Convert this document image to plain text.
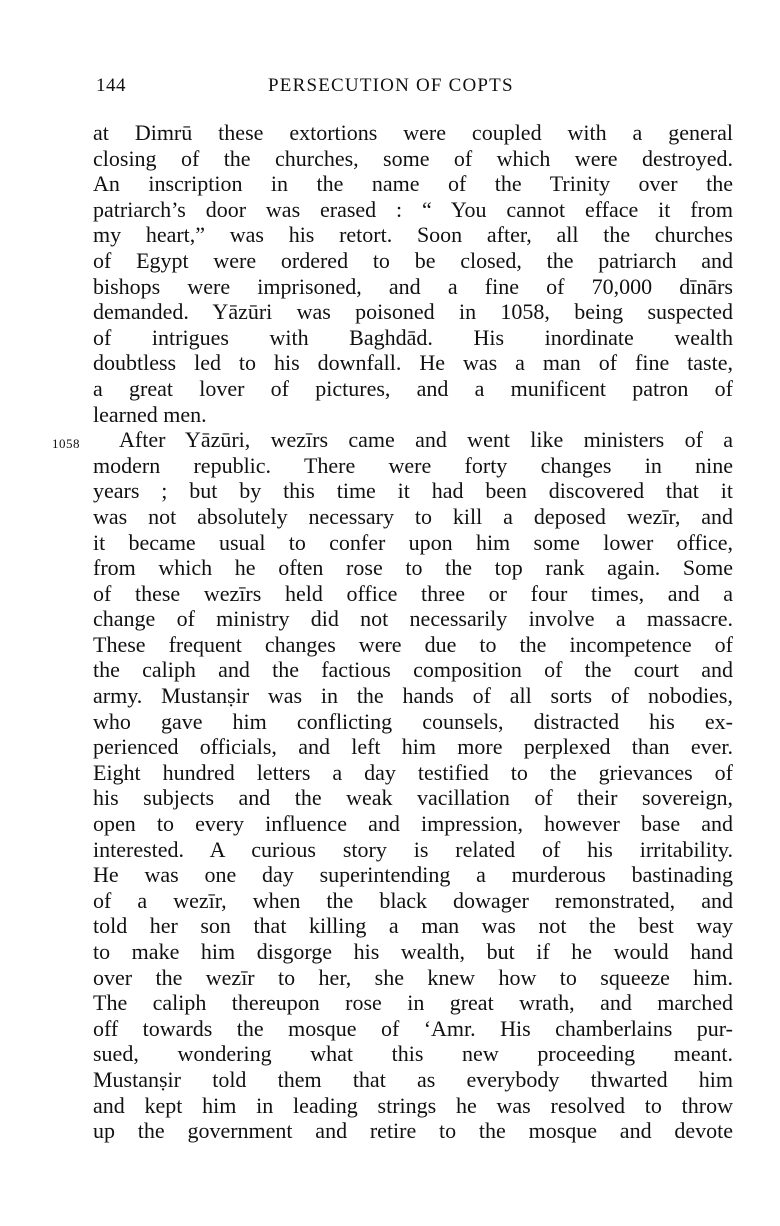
144	PERSECUTION OF COPTS
1058
at Dimrū these extortions were coupled with a general
closing of the churches, some of which were destroyed.
An inscription in the name of the Trinity over the
patriarch’s door was erased : “ You cannot efface it from
my heart,” was his retort. Soon after, all the churches
of Egypt were ordered to be closed, the patriarch and
bishops were imprisoned, and a fine of 70,000 dīnārs
demanded. Yāzūri was poisoned in 1058, being suspected
of intrigues with Baghdād. His inordinate wealth
doubtless led to his downfall. He was a man of fine taste,
a great lover of pictures, and a munificent patron of
learned men.
After Yāzūri, wezīrs came and went like ministers of a
modern republic. There were forty changes in nine
years ; but by this time it had been discovered that it
was not absolutely necessary to kill a deposed wezīr, and
it became usual to confer upon him some lower office,
from which he often rose to the top rank again. Some
of these wezīrs held office three or four times, and a
change of ministry did not necessarily involve a massacre.
These frequent changes were due to the incompetence of
the caliph and the factious composition of the court and
army. Mustanṣir was in the hands of all sorts of nobodies,
who gave him conflicting counsels, distracted his ex-
perienced officials, and left him more perplexed than ever.
Eight hundred letters a day testified to the grievances of
his subjects and the weak vacillation of their sovereign,
open to every influence and impression, however base and
interested. A curious story is related of his irritability.
He was one day superintending a murderous bastinading
of a wezīr, when the black dowager remonstrated, and
told her son that killing a man was not the best way
to make him disgorge his wealth, but if he would hand
over the wezīr to her, she knew how to squeeze him.
The caliph thereupon rose in great wrath, and marched
off towards the mosque of ‘Amr. His chamberlains pur-
sued, wondering what this new proceeding meant.
Mustanṣir told them that as everybody thwarted him
and kept him in leading strings he was resolved to throw
up the government and retire to the mosque and devote
